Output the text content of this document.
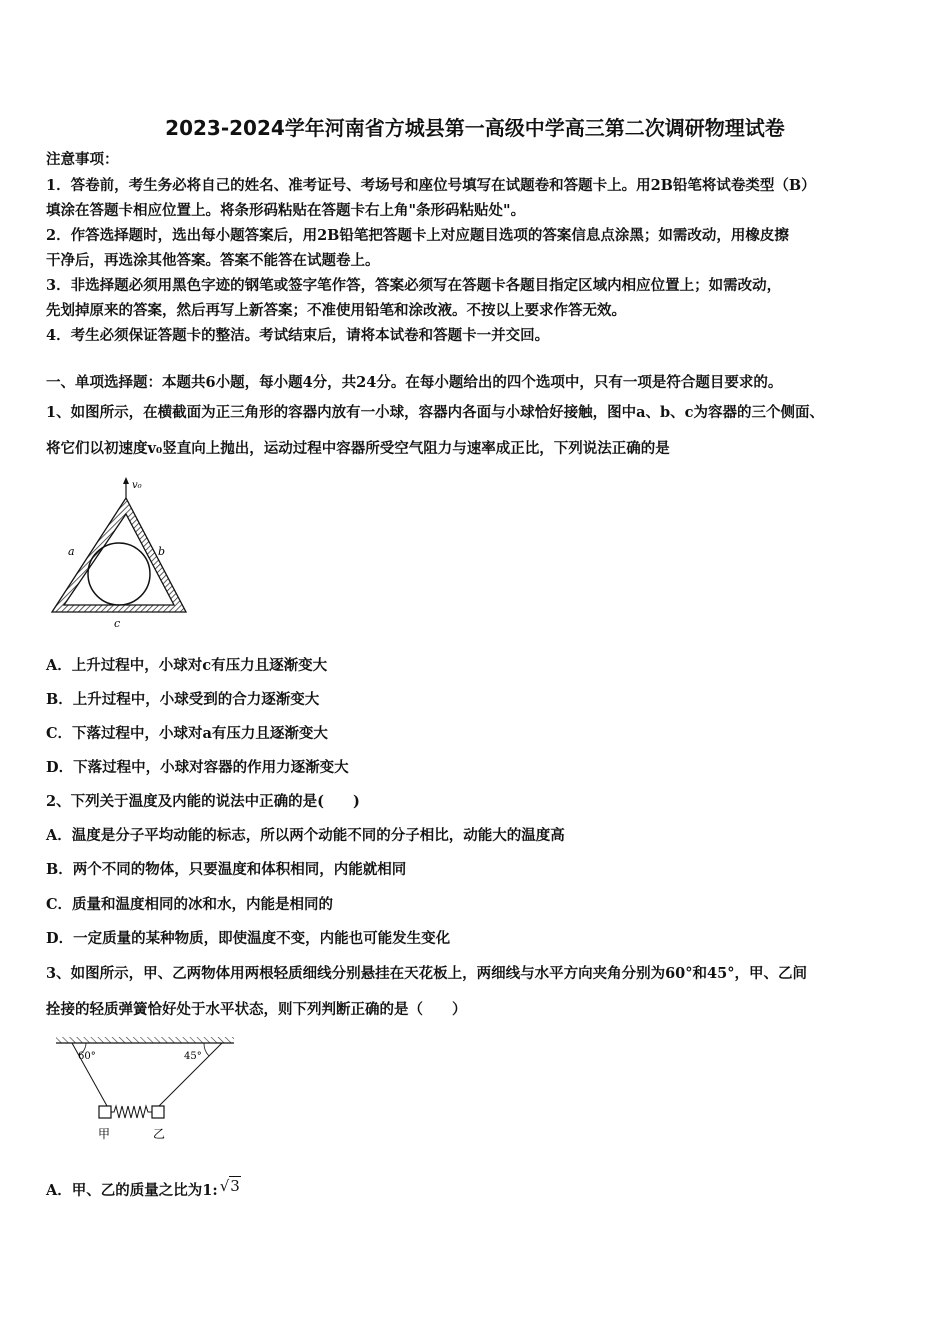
2023-2024学年河南省方城县第一高级中学高三第二次调研物理试卷
注意事项：
1．答卷前，考生务必将自己的姓名、准考证号、考场号和座位号填写在试题卷和答题卡上。用2B铅笔将试卷类型（B）
填涂在答题卡相应位置上。将条形码粘贴在答题卡右上角"条形码粘贴处"。
2．作答选择题时，选出每小题答案后，用2B铅笔把答题卡上对应题目选项的答案信息点涂黑；如需改动，用橡皮擦
干净后，再选涂其他答案。答案不能答在试题卷上。
3．非选择题必须用黑色字迹的钢笔或签字笔作答，答案必须写在答题卡各题目指定区域内相应位置上；如需改动，
先划掉原来的答案，然后再写上新答案；不准使用铅笔和涂改液。不按以上要求作答无效。
4．考生必须保证答题卡的整洁。考试结束后，请将本试卷和答题卡一并交回。
一、单项选择题：本题共6小题，每小题4分，共24分。在每小题给出的四个选项中，只有一项是符合题目要求的。
1、如图所示，在横截面为正三角形的容器内放有一小球，容器内各面与小球恰好接触，图中a、b、c为容器的三个侧面、
将它们以初速度v₀竖直向上抛出，运动过程中容器所受空气阻力与速率成正比，下列说法正确的是
v₀
a	b
c
A．上升过程中，小球对c有压力且逐渐变大
B．上升过程中，小球受到的合力逐渐变大
C．下落过程中，小球对a有压力且逐渐变大
D．下落过程中，小球对容器的作用力逐渐变大
2、下列关于温度及内能的说法中正确的是(　　)
A．温度是分子平均动能的标志，所以两个动能不同的分子相比，动能大的温度高
B．两个不同的物体，只要温度和体积相同，内能就相同
C．质量和温度相同的冰和水，内能是相同的
D．一定质量的某种物质，即使温度不变，内能也可能发生变化
3、如图所示，甲、乙两物体用两根轻质细线分别悬挂在天花板上，两细线与水平方向夹角分别为60°和45°，甲、乙间
拴接的轻质弹簧恰好处于水平状态，则下列判断正确的是（　　）
60°	45°
甲	乙
A．甲、乙的质量之比为1: √3
